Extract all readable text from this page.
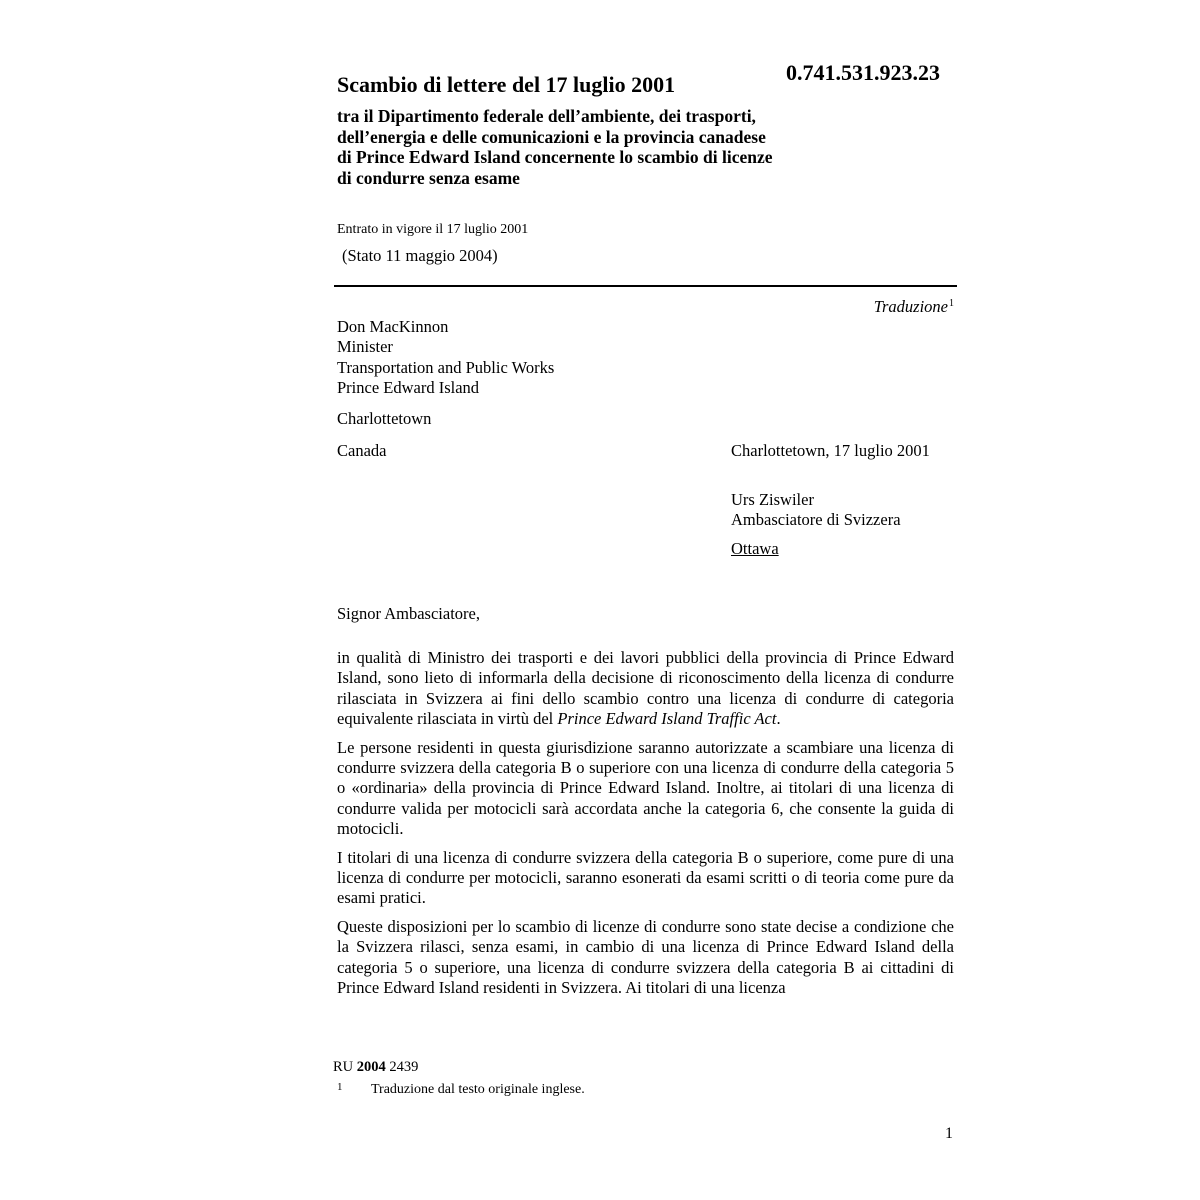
Scambio di lettere del 17 luglio 2001	0.741.531.923.23
tra il Dipartimento federale dell’ambiente, dei trasporti,
dell’energia e delle comunicazioni e la provincia canadese
di Prince Edward Island concernente lo scambio di licenze
di condurre senza esame
Entrato in vigore il 17 luglio 2001
(Stato 11 maggio 2004)
Traduzione$^1$
Don MacKinnon
Minister
Transportation and Public Works
Prince Edward Island
Charlottetown
Canada	Charlottetown, 17 luglio 2001
Urs Ziswiler
Ambasciatore di Svizzera
Ottawa
Signor Ambasciatore,

in qualità di Ministro dei trasporti e dei lavori pubblici della provincia di Prince Edward Island, sono lieto di informarla della decisione di riconoscimento della licenza di condurre rilasciata in Svizzera ai fini dello scambio contro una licenza di condurre di categoria equivalente rilasciata in virtù del Prince Edward Island Traffic Act.

Le persone residenti in questa giurisdizione saranno autorizzate a scambiare una licenza di condurre svizzera della categoria B o superiore con una licenza di condurre della categoria 5 o «ordinaria» della provincia di Prince Edward Island. Inoltre, ai titolari di una licenza di condurre valida per motocicli sarà accordata anche la categoria 6, che consente la guida di motocicli.

I titolari di una licenza di condurre svizzera della categoria B o superiore, come pure di una licenza di condurre per motocicli, saranno esonerati da esami scritti o di teoria come pure da esami pratici.

Queste disposizioni per lo scambio di licenze di condurre sono state decise a condizione che la Svizzera rilasci, senza esami, in cambio di una licenza di Prince Edward Island della categoria 5 o superiore, una licenza di condurre svizzera della categoria B ai cittadini di Prince Edward Island residenti in Svizzera. Ai titolari di una licenza

RU 2004 2439
1 Traduzione dal testo originale inglese.
1
